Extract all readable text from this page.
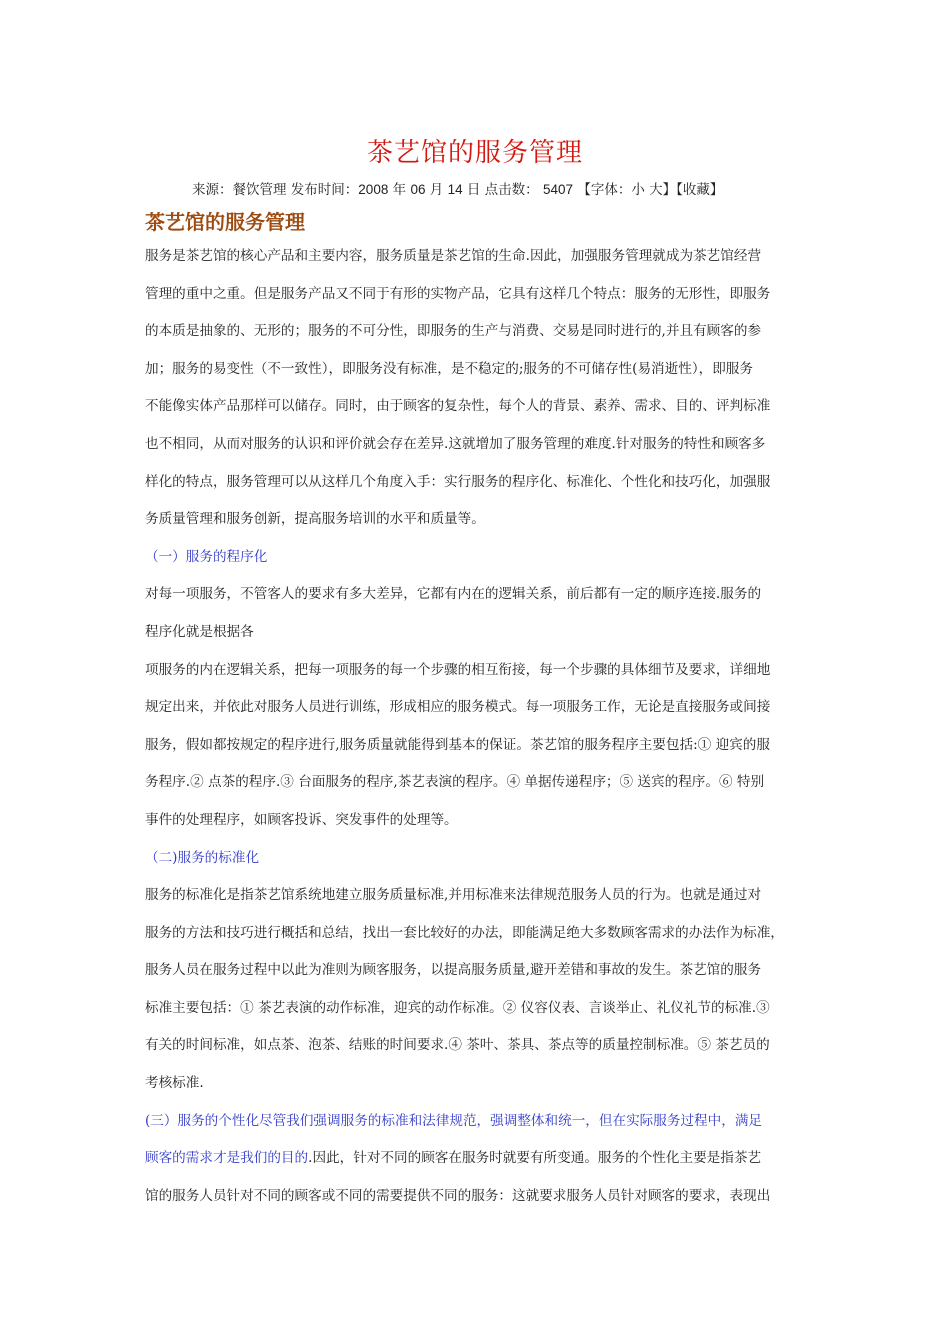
茶艺馆的服务管理
来源：餐饮管理 发布时间：2008 年 06 月 14 日 点击数： 5407 【字体：小 大】【收藏】
茶艺馆的服务管理
服务是茶艺馆的核心产品和主要内容，服务质量是茶艺馆的生命.因此，加强服务管理就成为茶艺馆经营
管理的重中之重。但是服务产品又不同于有形的实物产品，它具有这样几个特点：服务的无形性，即服务
的本质是抽象的、无形的；服务的不可分性，即服务的生产与消费、交易是同时进行的,并且有顾客的参
加；服务的易变性（不一致性），即服务没有标准，是不稳定的;服务的不可储存性(易消逝性），即服务
不能像实体产品那样可以储存。同时，由于顾客的复杂性，每个人的背景、素养、需求、目的、评判标准
也不相同，从而对服务的认识和评价就会存在差异.这就增加了服务管理的难度.针对服务的特性和顾客多
样化的特点，服务管理可以从这样几个角度入手：实行服务的程序化、标准化、个性化和技巧化，加强服
务质量管理和服务创新，提高服务培训的水平和质量等。
（一）服务的程序化
对每一项服务，不管客人的要求有多大差异，它都有内在的逻辑关系，前后都有一定的顺序连接.服务的
程序化就是根据各
项服务的内在逻辑关系，把每一项服务的每一个步骤的相互衔接，每一个步骤的具体细节及要求，详细地
规定出来，并依此对服务人员进行训练，形成相应的服务模式。每一项服务工作，无论是直接服务或间接
服务，假如都按规定的程序进行,服务质量就能得到基本的保证。茶艺馆的服务程序主要包括:① 迎宾的服
务程序.② 点茶的程序.③ 台面服务的程序,茶艺表演的程序。④ 单据传递程序；⑤ 送宾的程序。⑥ 特别
事件的处理程序，如顾客投诉、突发事件的处理等。
（二)服务的标准化
服务的标准化是指茶艺馆系统地建立服务质量标准,并用标准来法律规范服务人员的行为。也就是通过对
服务的方法和技巧进行概括和总结，找出一套比较好的办法，即能满足绝大多数顾客需求的办法作为标准，
服务人员在服务过程中以此为准则为顾客服务，以提高服务质量,避开差错和事故的发生。茶艺馆的服务
标准主要包括：① 茶艺表演的动作标准，迎宾的动作标准。② 仪容仪表、言谈举止、礼仪礼节的标准.③
有关的时间标准，如点茶、泡茶、结账的时间要求.④ 茶叶、茶具、茶点等的质量控制标准。⑤ 茶艺员的
考核标准.
(三）服务的个性化尽管我们强调服务的标准和法律规范，强调整体和统一，但在实际服务过程中，满足
顾客的需求才是我们的目的.因此，针对不同的顾客在服务时就要有所变通。服务的个性化主要是指茶艺
馆的服务人员针对不同的顾客或不同的需要提供不同的服务：这就要求服务人员针对顾客的要求，表现出
